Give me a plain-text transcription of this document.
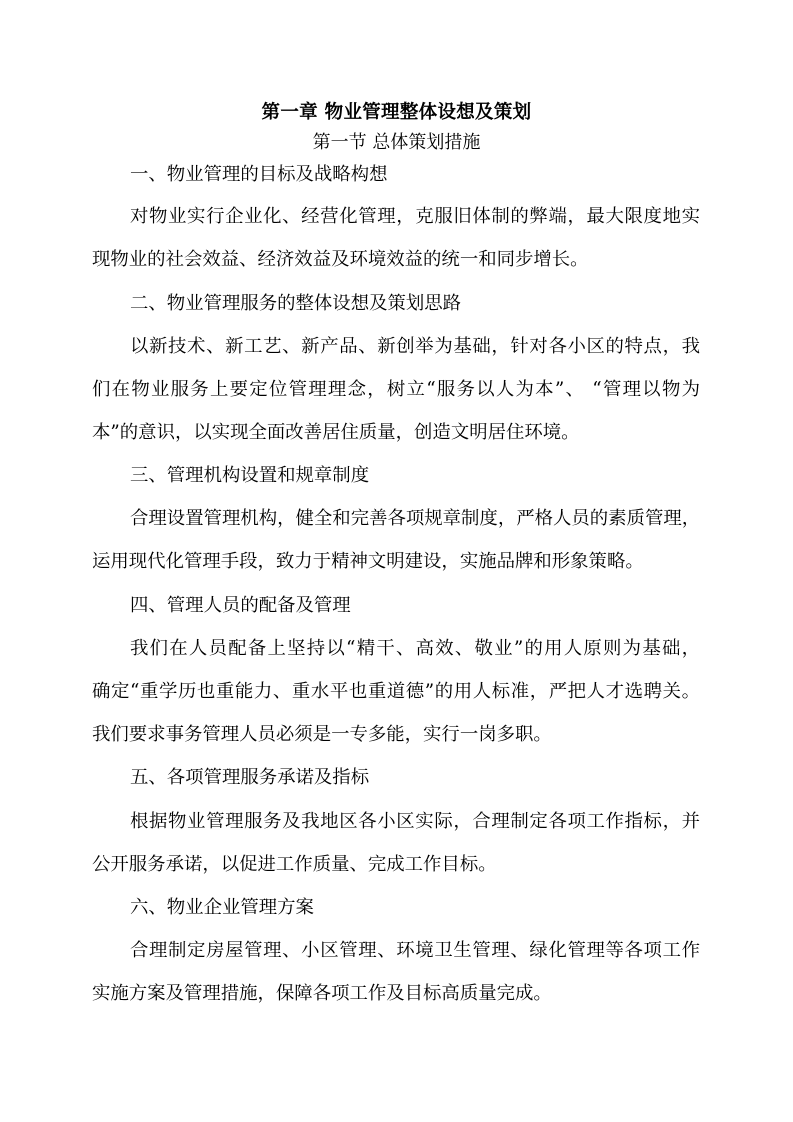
第一章 物业管理整体设想及策划
第一节 总体策划措施
一、物业管理的目标及战略构想
对物业实行企业化、经营化管理，克服旧体制的弊端，最大限度地实
现物业的社会效益、经济效益及环境效益的统一和同步增长。
二、物业管理服务的整体设想及策划思路
以新技术、新工艺、新产品、新创举为基础，针对各小区的特点，我
们在物业服务上要定位管理理念，树立“服务以人为本”、 “管理以物为
本”的意识，以实现全面改善居住质量，创造文明居住环境。
三、管理机构设置和规章制度
合理设置管理机构，健全和完善各项规章制度，严格人员的素质管理，
运用现代化管理手段，致力于精神文明建设，实施品牌和形象策略。
四、管理人员的配备及管理
我们在人员配备上坚持以“精干、高效、敬业”的用人原则为基础，
确定“重学历也重能力、重水平也重道德”的用人标准，严把人才选聘关。
我们要求事务管理人员必须是一专多能，实行一岗多职。
五、各项管理服务承诺及指标
根据物业管理服务及我地区各小区实际，合理制定各项工作指标，并
公开服务承诺，以促进工作质量、完成工作目标。
六、物业企业管理方案
合理制定房屋管理、小区管理、环境卫生管理、绿化管理等各项工作
实施方案及管理措施，保障各项工作及目标高质量完成。
